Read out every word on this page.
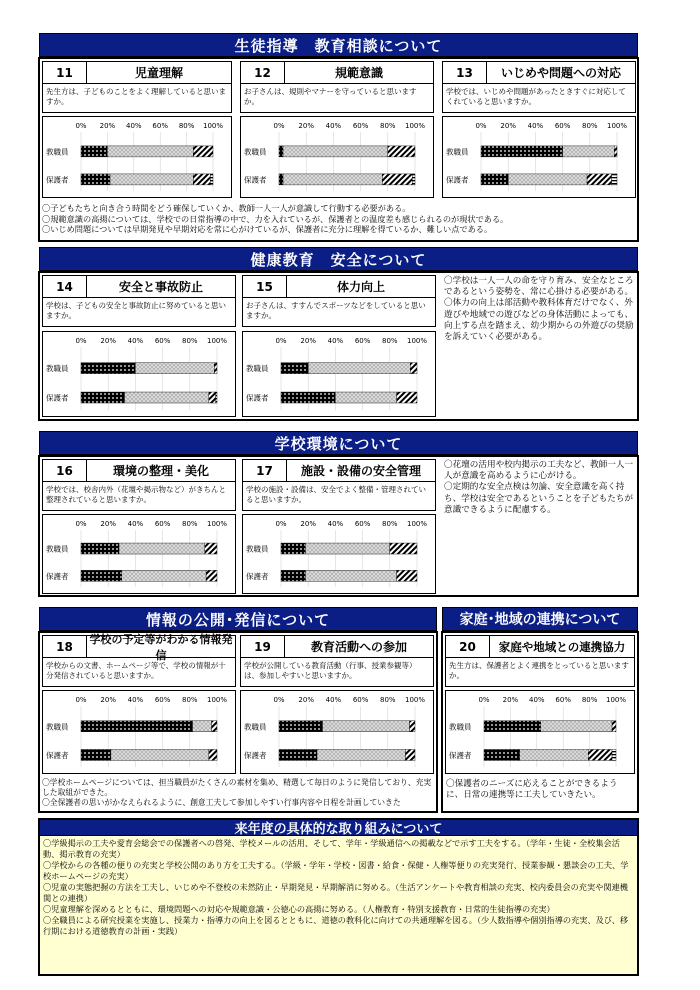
生徒指導　教育相談について
11	児童理解
先生方は、子どものことをよく理解していると思いますか。
0% 20% 40% 60% 80% 100%
教職員
保護者
12	規範意識
お子さんは、規則やマナーを守っていると思いますか。
0% 20% 40% 60% 80% 100%
教職員
保護者
13	いじめや問題への対応
学校では、いじめや問題があったときすぐに対応してくれていると思いますか。
0% 20% 40% 60% 80% 100%
教職員
保護者
〇子どもたちと向き合う時間をどう確保していくか、教師一人一人が意識して行動する必要がある。
〇規範意識の高揚については、学校での日常指導の中で、力を入れているが、保護者との温度差も感じられるのが現状である。
〇いじめ問題については早期発見や早期対応を常に心がけているが、保護者に充分に理解を得ているか、難しい点である。
健康教育　安全について
14	安全と事故防止
学校は、子どもの安全と事故防止に努めていると思いますか。
0% 20% 40% 60% 80% 100%
教職員
保護者
15	体力向上
お子さんは、すすんでスポーツなどをしていると思いますか。
0% 20% 40% 60% 80% 100%
教職員
保護者
〇学校は一人一人の命を守り育み、安全なところであるという姿勢を、常に心掛ける必要がある。
〇体力の向上は部活動や教科体育だけでなく、外遊びや地域での遊びなどの身体活動によっても、向上する点を踏まえ、幼少期からの外遊びの奨励を訴えていく必要がある。
学校環境について
16	環境の整理・美化
学校では、校舎内外（花壇や掲示物など）がきちんと整理されていると思いますか。
0% 20% 40% 60% 80% 100%
教職員
保護者
17	施設・設備の安全管理
学校の施設・設備は、安全でよく整備・管理されていると思いますか。
0% 20% 40% 60% 80% 100%
教職員
保護者
〇花壇の活用や校内掲示の工夫など、教師一人一人が意識を高めるように心がける。
〇定期的な安全点検は勿論、安全意識を高く持ち、学校は安全であるということを子どもたちが意識できるように配慮する。
情報の公開･発信について
18
学校の予定等がわかる情報発信
学校からの文書、ホームページ等で、学校の情報が十分発信されていると思いますか。
0% 20% 40% 60% 80% 100%
教職員
保護者
19	教育活動への参加
学校が公開している教育活動（行事、授業参観等）は、参加しやすいと思いますか。
0% 20% 40% 60% 80% 100%
教職員
保護者
〇学校ホームページについては、担当職員がたくさんの素材を集め、精選して毎日のように発信しており、充実した取組ができた。
〇全保護者の思いがかなえられるように、創意工夫して参加しやすい行事内容や日程を計画していきた
家庭･地域の連携について
20	家庭や地域との連携協力
先生方は、保護者とよく連携をとっていると思いますか。
0% 20% 40% 60% 80% 100%
教職員
保護者
〇保護者のニーズに応えることができるように、日常の連携等に工夫していきたい。
来年度の具体的な取り組みについて
〇学級掲示の工夫や愛育会総会での保護者への啓発、学校メールの活用、そして、学年・学級通信への掲載などで示す工夫をする。（学年・生徒・全校集会活動、掲示教育の充実）
〇学校からの各種の便りの充実と学校公開のあり方を工夫する。（学級・学年・学校・図書・給食・保健・人権等便りの充実発行、授業参観・懇談会の工夫、学校ホームページの充実）
〇児童の実態把握の方法を工夫し、いじめや不登校の未然防止・早期発見・早期解消に努める。（生活アンケートや教育相談の充実、校内委員会の充実や関連機関との連携）
〇児童理解を深めるとともに、環境問題への対応や規範意識・公徳心の高揚に努める。（人権教育・特別支援教育・日常的生徒指導の充実）
〇全職員による研究授業を実施し、授業力・指導力の向上を図るとともに、道徳の教科化に向けての共通理解を図る。（少人数指導や個別指導の充実、及び、移行期における道徳教育の計画・実践）
